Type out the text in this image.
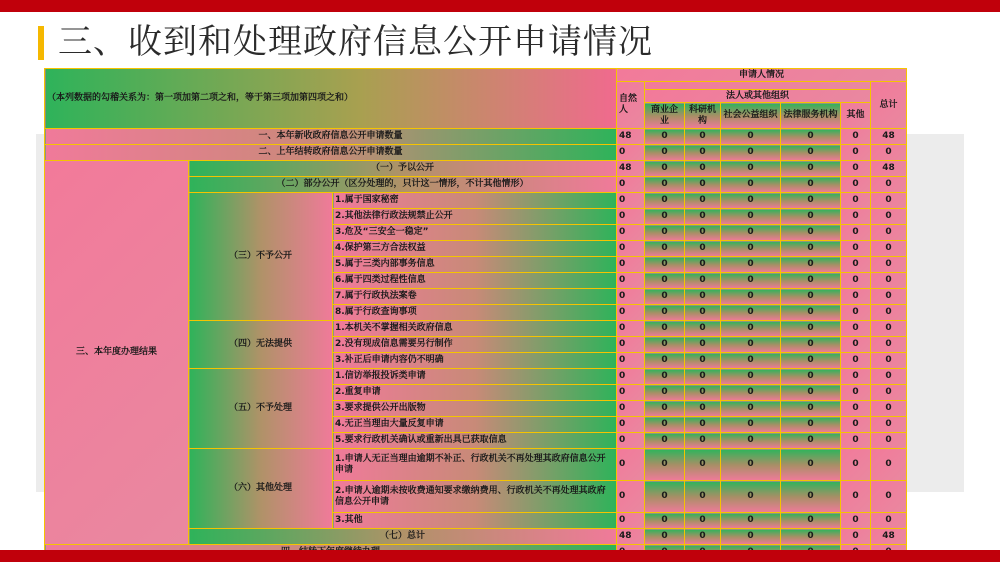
三、收到和处理政府信息公开申请情况
（本列数据的勾稽关系为：第一项加第二项之和，等于第三项加第四项之和）			申请人情况						
			自然人						总计
				法人或其他组织					
				商业企业	科研机构	社会公益组织	法律服务机构	其他	
一、本年新收政府信息公开申请数量			48	0	0	0	0	0	48
二、上年结转政府信息公开申请数量			0	0	0	0	0	0	0
三、本年度办理结果	（一）予以公开		48	0	0	0	0	0	48
	（二）部分公开（区分处理的，只计这一情形，不计其他情形）		0	0	0	0	0	0	0
	（三）不予公开	1.属于国家秘密	0	0	0	0	0	0	0
		2.其他法律行政法规禁止公开	0	0	0	0	0	0	0
		3.危及“三安全一稳定”	0	0	0	0	0	0	0
		4.保护第三方合法权益	0	0	0	0	0	0	0
		5.属于三类内部事务信息	0	0	0	0	0	0	0
		6.属于四类过程性信息	0	0	0	0	0	0	0
		7.属于行政执法案卷	0	0	0	0	0	0	0
		8.属于行政查询事项	0	0	0	0	0	0	0
	（四）无法提供	1.本机关不掌握相关政府信息	0	0	0	0	0	0	0
		2.没有现成信息需要另行制作	0	0	0	0	0	0	0
		3.补正后申请内容仍不明确	0	0	0	0	0	0	0
	（五）不予处理	1.信访举报投诉类申请	0	0	0	0	0	0	0
		2.重复申请	0	0	0	0	0	0	0
		3.要求提供公开出版物	0	0	0	0	0	0	0
		4.无正当理由大量反复申请	0	0	0	0	0	0	0
		5.要求行政机关确认或重新出具已获取信息	0	0	0	0	0	0	0
	（六）其他处理	1.申请人无正当理由逾期不补正、行政机关不再处理其政府信息公开申请	0	0	0	0	0	0	0
		2.申请人逾期未按收费通知要求缴纳费用、行政机关不再处理其政府信息公开申请	0	0	0	0	0	0	0
		3.其他	0	0	0	0	0	0	0
	（七）总计		48	0	0	0	0	0	48
